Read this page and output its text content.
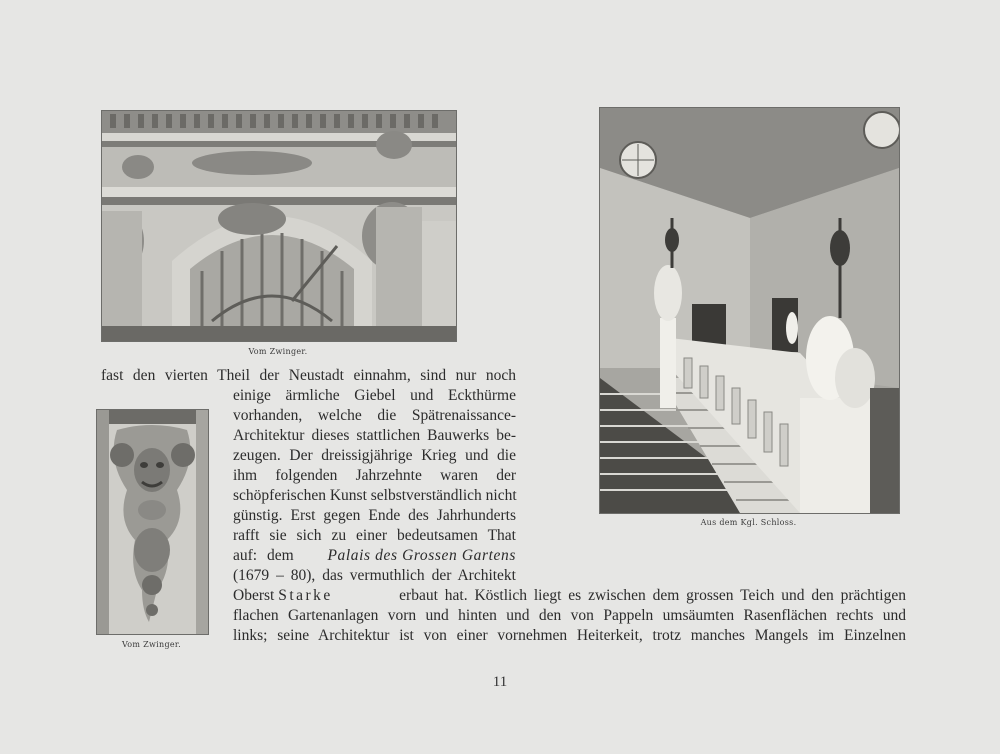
Vom Zwinger.
Vom Zwinger.
Aus dem Kgl. Schloss.
fast den vierten Theil der Neustadt einnahm, sind nur noch
einige ärmliche Giebel und Eckthürme
vorhanden, welche die Spätrenaissance-
Architektur dieses stattlichen Bauwerks be-
zeugen. Der dreissigjährige Krieg und die
ihm folgenden Jahrzehnte waren der
schöpferischen Kunst selbstverständlich nicht
günstig. Erst gegen Ende des Jahrhunderts
rafft sie sich zu einer bedeutsamen That
auf: dem Palais des Grossen Gartens
(1679 – 80), das vermuthlich der Architekt
Oberst Starke	erbaut hat. Köstlich liegt es zwischen dem grossen Teich und den prächtigen
flachen Gartenanlagen vorn und hinten und den von Pappeln umsäumten Rasenflächen rechts und
links; seine Architektur ist von einer vornehmen Heiterkeit, trotz manches Mangels im Einzelnen
11
